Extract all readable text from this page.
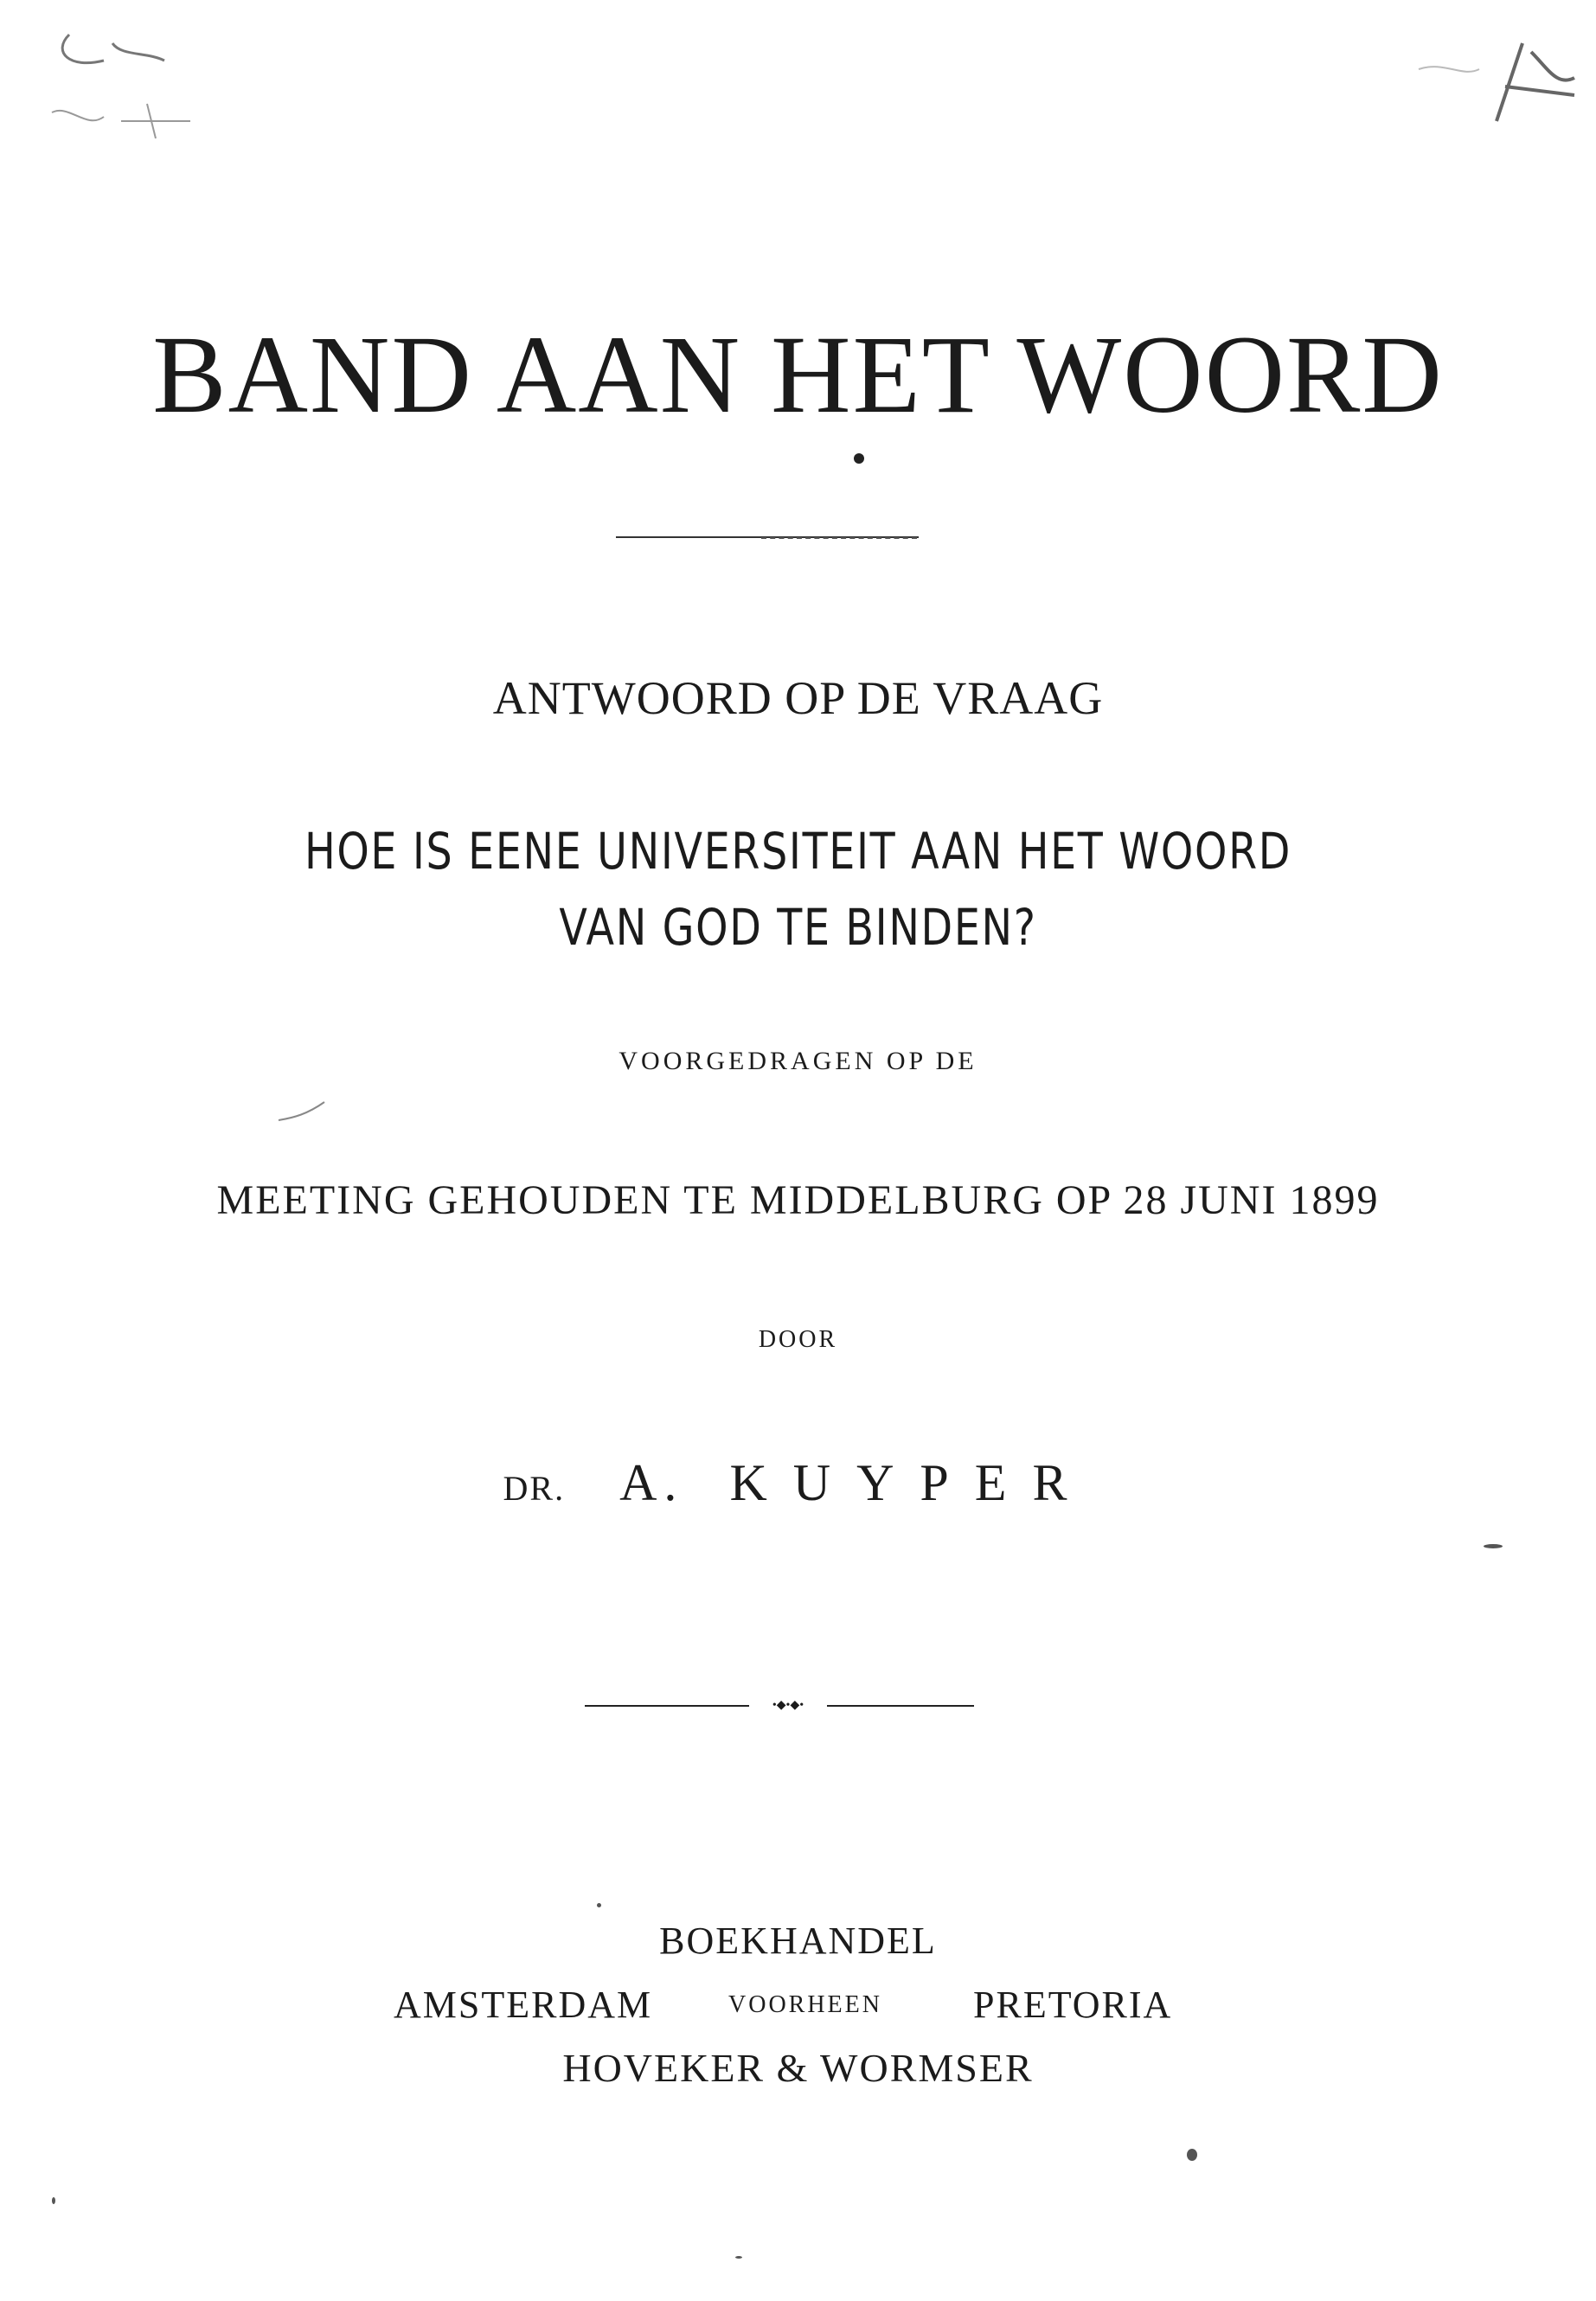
BAND AAN HET WOORD
ANTWOORD OP DE VRAAG
HOE IS EENE UNIVERSITEIT AAN HET WOORD
VAN GOD TE BINDEN?
VOORGEDRAGEN OP DE
MEETING GEHOUDEN TE MIDDELBURG OP 28 JUNI 1899
DOOR
DR. A. KUYPER
•◆•◆•
BOEKHANDEL
AMSTERDAM	VOORHEEN PRETORIA
HOVEKER & WORMSER
